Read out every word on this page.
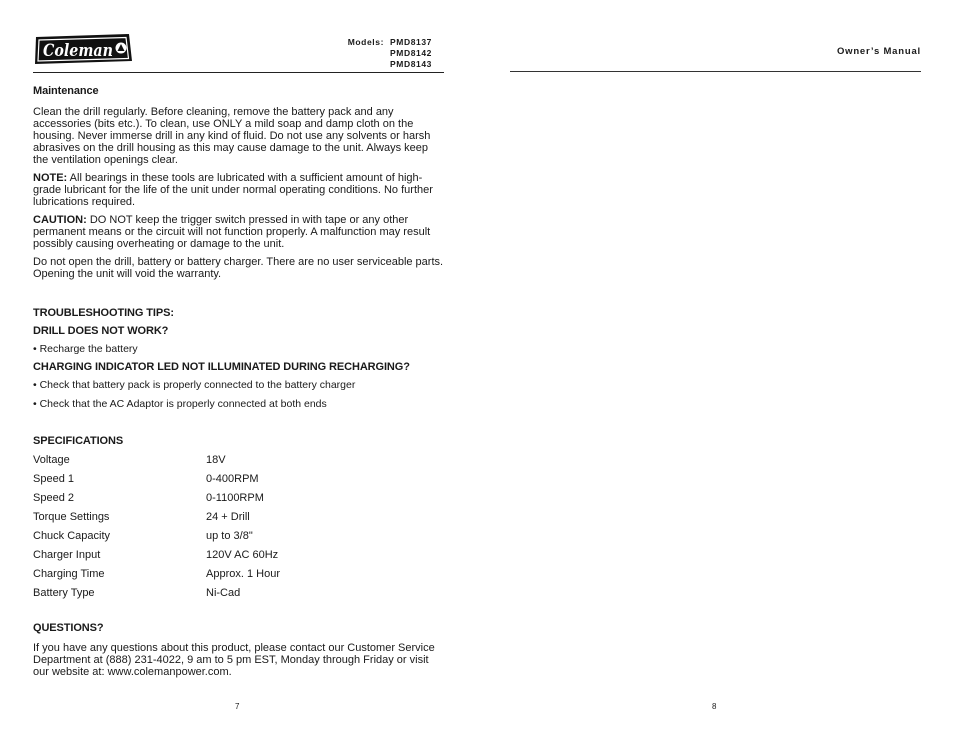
Coleman	Models: PMD8137
PMD8142
PMD8143
Maintenance

Clean the drill regularly. Before cleaning, remove the battery pack and any accessories (bits etc.). To clean, use ONLY a mild soap and damp cloth on the housing. Never immerse drill in any kind of fluid. Do not use any solvents or harsh abrasives on the drill housing as this may cause damage to the unit. Always keep the ventilation openings clear.

NOTE: All bearings in these tools are lubricated with a sufficient amount of high-grade lubricant for the life of the unit under normal operating conditions. No further lubrications required.

CAUTION: DO NOT keep the trigger switch pressed in with tape or any other permanent means or the circuit will not function properly. A malfunction may result possibly causing overheating or damage to the unit.

Do not open the drill, battery or battery charger. There are no user serviceable parts. Opening the unit will void the warranty.

TROUBLESHOOTING TIPS:
DRILL DOES NOT WORK?

• Recharge the battery

CHARGING INDICATOR LED NOT ILLUMINATED DURING RECHARGING?

• Check that battery pack is properly connected to the battery charger

• Check that the AC Adaptor is properly connected at both ends

SPECIFICATIONS
Voltage	18V
Speed 1	0-400RPM
Speed 2	0-1100RPM
Torque Settings	24 + Drill
Chuck Capacity	up to 3/8"
Charger Input	120V AC 60Hz
Charging Time	Approx. 1 Hour
Battery Type	Ni-Cad
QUESTIONS?

If you have any questions about this product, please contact our Customer Service Department at (888) 231-4022, 9 am to 5 pm EST, Monday through Friday or visit our website at: www.colemanpower.com.

7
Owner’s Manual
8
